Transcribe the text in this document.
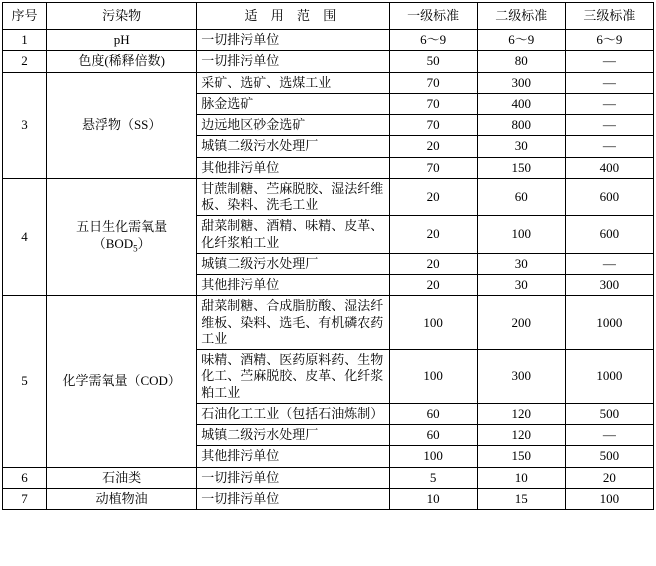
序号	污染物	适 用 范 围	一级标准	二级标准	三级标准
1	pH	一切排污单位	6～9	6～9	6～9
2	色度(稀释倍数)	一切排污单位	50	80	—
3	悬浮物（SS）	采矿、选矿、选煤工业	70	300	—
		脉金选矿	70	400	—
		边远地区砂金选矿	70	800	—
		城镇二级污水处理厂	20	30	—
		其他排污单位	70	150	400
4	五日生化需氧量$(BOD_5)$	甘蔗制糖、苎麻脱胶、湿法纤维板、染料、洗毛工业	20	60	600
		甜菜制糖、酒精、味精、皮革、化纤浆粕工业	20	100	600
		城镇二级污水处理厂	20	30	—
		其他排污单位	20	30	300
5	化学需氧量（COD）	甜菜制糖、合成脂肪酸、湿法纤维板、染料、选毛、有机磷农药工业	100	200	1000
		味精、酒精、医药原料药、生物化工、苎麻脱胶、皮革、化纤浆粕工业	100	300	1000
		石油化工工业（包括石油炼制）	60	120	500
		城镇二级污水处理厂	60	120	—
		其他排污单位	100	150	500
6	石油类	一切排污单位	5	10	20
7	动植物油	一切排污单位	10	15	100
